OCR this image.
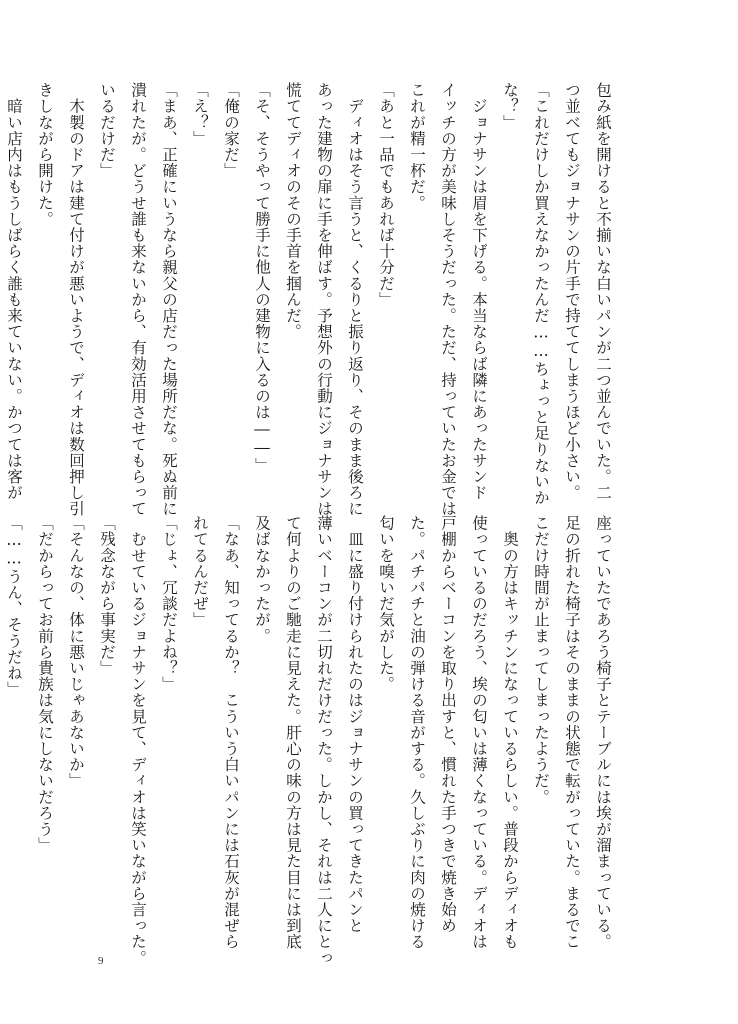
包み紙を開けると不揃いな白いパンが二つ並んでいた。二
つ並べてもジョナサンの片手で持ててしまうほど小さい。
「これだけしか買えなかったんだ……ちょっと足りないか
な？」
　ジョナサンは眉を下げる。本当ならば隣にあったサンド
イッチの方が美味しそうだった。ただ、持っていたお金では
これが精一杯だ。
「あと一品でもあれば十分だ」
　ディオはそう言うと、くるりと振り返り、そのまま後ろに
あった建物の扉に手を伸ばす。予想外の行動にジョナサンは
慌ててディオのその手首を掴んだ。
「そ、そうやって勝手に他人の建物に入るのは――」
「俺の家だ」
「え？」
「まあ、正確にいうなら親父の店だった場所だな。死ぬ前に
潰れたが。どうせ誰も来ないから、有効活用させてもらって
いるだけだ」
　木製のドアは建て付けが悪いようで、ディオは数回押し引
きしながら開けた。
　暗い店内はもうしばらく誰も来ていない。かつては客が
座っていたであろう椅子とテーブルには埃が溜まっている。
足の折れた椅子はそのままの状態で転がっていた。まるでこ
こだけ時間が止まってしまったようだ。
　奥の方はキッチンになっているらしい。普段からディオも
使っているのだろう、埃の匂いは薄くなっている。ディオは
戸棚からベーコンを取り出すと、慣れた手つきで焼き始め
た。パチパチと油の弾ける音がする。久しぶりに肉の焼ける
匂いを嗅いだ気がした。
　皿に盛り付けられたのはジョナサンの買ってきたパンと
薄いベーコンが二切れだけだった。しかし、それは二人にとっ
て何よりのご馳走に見えた。肝心の味の方は見た目には到底
及ばなかったが。
「なあ、知ってるか？　こういう白いパンには石灰が混ぜら
れてるんだぜ」
「じょ、冗談だよね？」
　むせているジョナサンを見て、ディオは笑いながら言った。
「残念ながら事実だ」
「そんなの、体に悪いじゃあないか」
「だからってお前ら貴族は気にしないだろう」
「……うん、そうだね」
9
